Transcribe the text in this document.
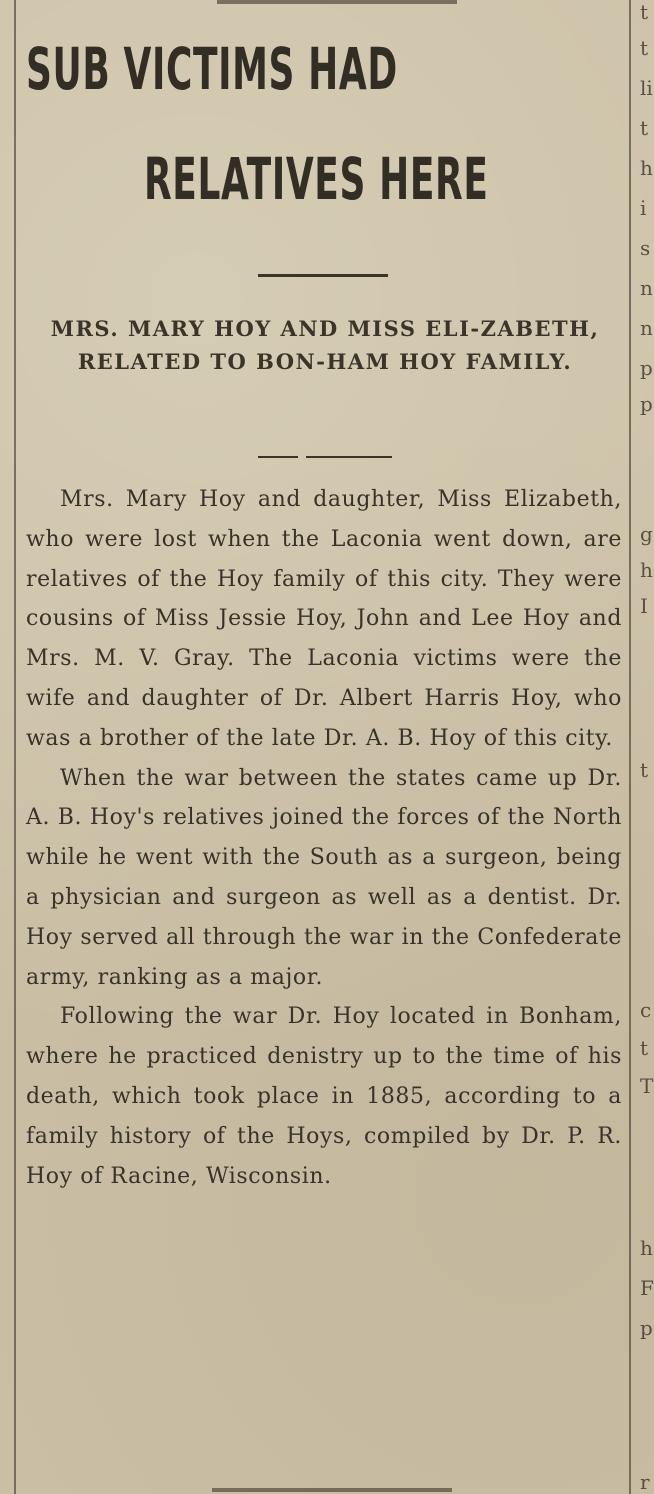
SUB VICTIMS HAD
RELATIVES HERE
MRS. MARY HOY AND MISS ELI-ZABETH, RELATED TO BON-HAM HOY FAMILY.

Mrs. Mary Hoy and daughter, Miss Elizabeth, who were lost when the Laconia went down, are relatives of the Hoy family of this city. They were cousins of Miss Jessie Hoy, John and Lee Hoy and Mrs. M. V. Gray. The Laconia victims were the wife and daughter of Dr. Albert Harris Hoy, who was a brother of the late Dr. A. B. Hoy of this city.

When the war between the states came up Dr. A. B. Hoy's relatives joined the forces of the North while he went with the South as a surgeon, being a physician and surgeon as well as a dentist. Dr. Hoy served all through the war in the Confederate army, ranking as a major.

Following the war Dr. Hoy located in Bonham, where he practiced denistry up to the time of his death, which took place in 1885, according to a family history of the Hoys, compiled by Dr. P. R. Hoy of Racine, Wisconsin.

t
t
li
t
h
i
s
n
n
p
p
g
h
I
t
c
t
T
h
F
p
r
